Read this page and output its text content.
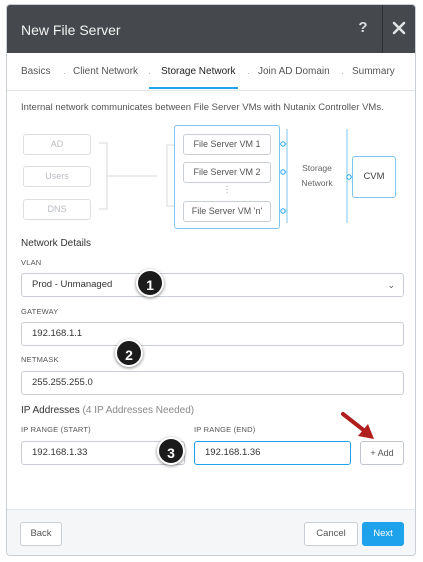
New File Server	?
Basics · Client Network · Storage Network · Join AD Domain · Summary
Internal network communicates between File Server VMs with Nutanix Controller VMs.
AD
Users
DNS
File Server VM 1
File Server VM 2
⋮
File Server VM 'n'
Storage
Network
CVM
Network Details
VLAN
Prod - Unmanaged	⌄
GATEWAY
192.168.1.1
NETMASK
255.255.255.0
IP Addresses (4 IP Addresses Needed)
IP RANGE (START)
192.168.1.33
IP RANGE (END)
192.168.1.36	+ Add
Back	Cancel	Next
1
2
3
